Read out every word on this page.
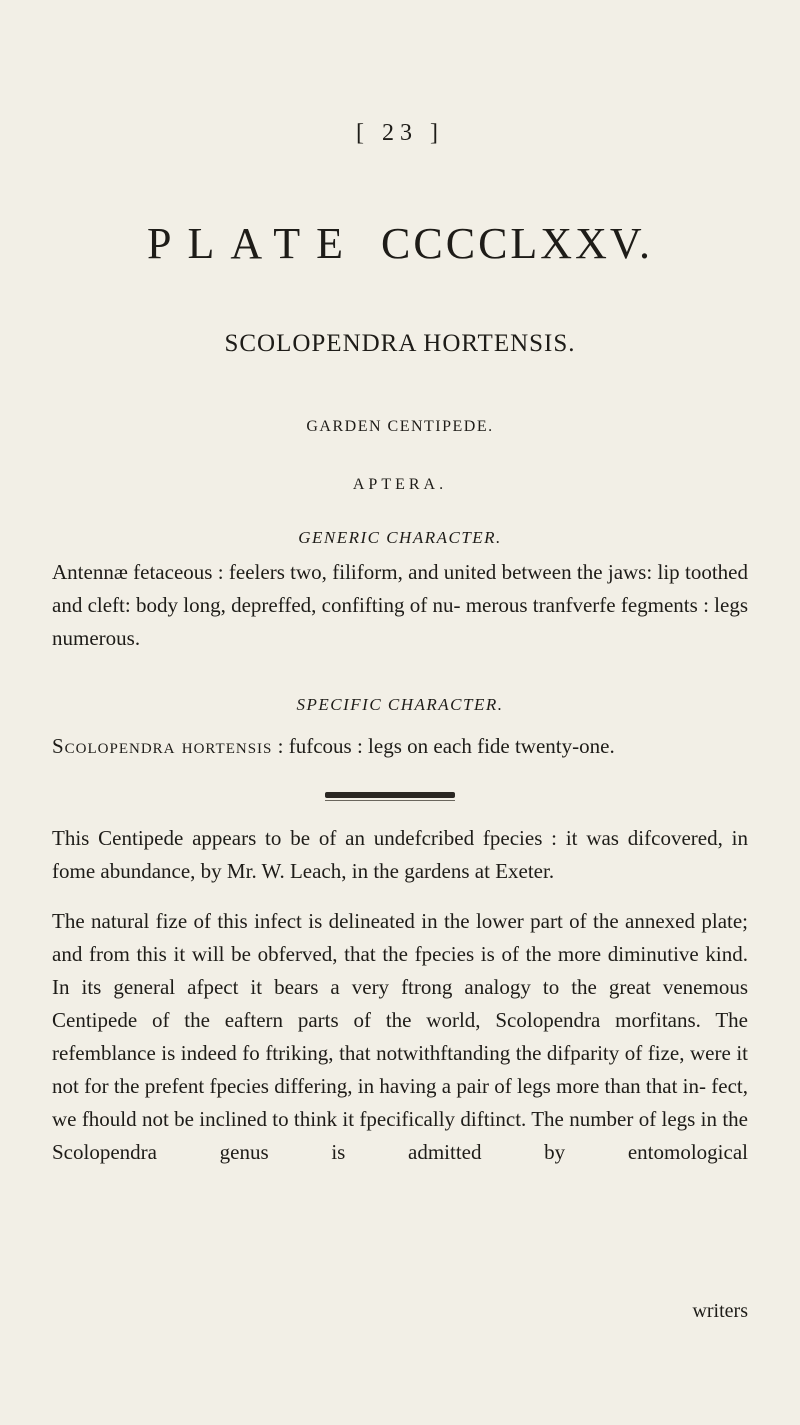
[ 23 ]
PLATE CCCCLXXV.
SCOLOPENDRA HORTENSIS.
GARDEN CENTIPEDE.
APTERA.
GENERIC CHARACTER.
Antennæ fetaceous : feelers two, filiform, and united between the jaws: lip toothed and cleft: body long, depreffed, confifting of nu- merous tranfverfe fegments : legs numerous.
SPECIFIC CHARACTER.
Scolopendra hortensis : fufcous : legs on each fide twenty-one.
This Centipede appears to be of an undefcribed fpecies : it was difcovered, in fome abundance, by Mr. W. Leach, in the gardens at Exeter.
The natural fize of this infect is delineated in the lower part of the annexed plate; and from this it will be obferved, that the fpecies is of the more diminutive kind. In its general afpect it bears a very ftrong analogy to the great venemous Centipede of the eaftern parts of the world, Scolopendra morfitans. The refemblance is indeed fo ftriking, that notwithftanding the difparity of fize, were it not for the prefent fpecies differing, in having a pair of legs more than that in- fect, we fhould not be inclined to think it fpecifically diftinct. The number of legs in the Scolopendra genus is admitted by entomological
writers
